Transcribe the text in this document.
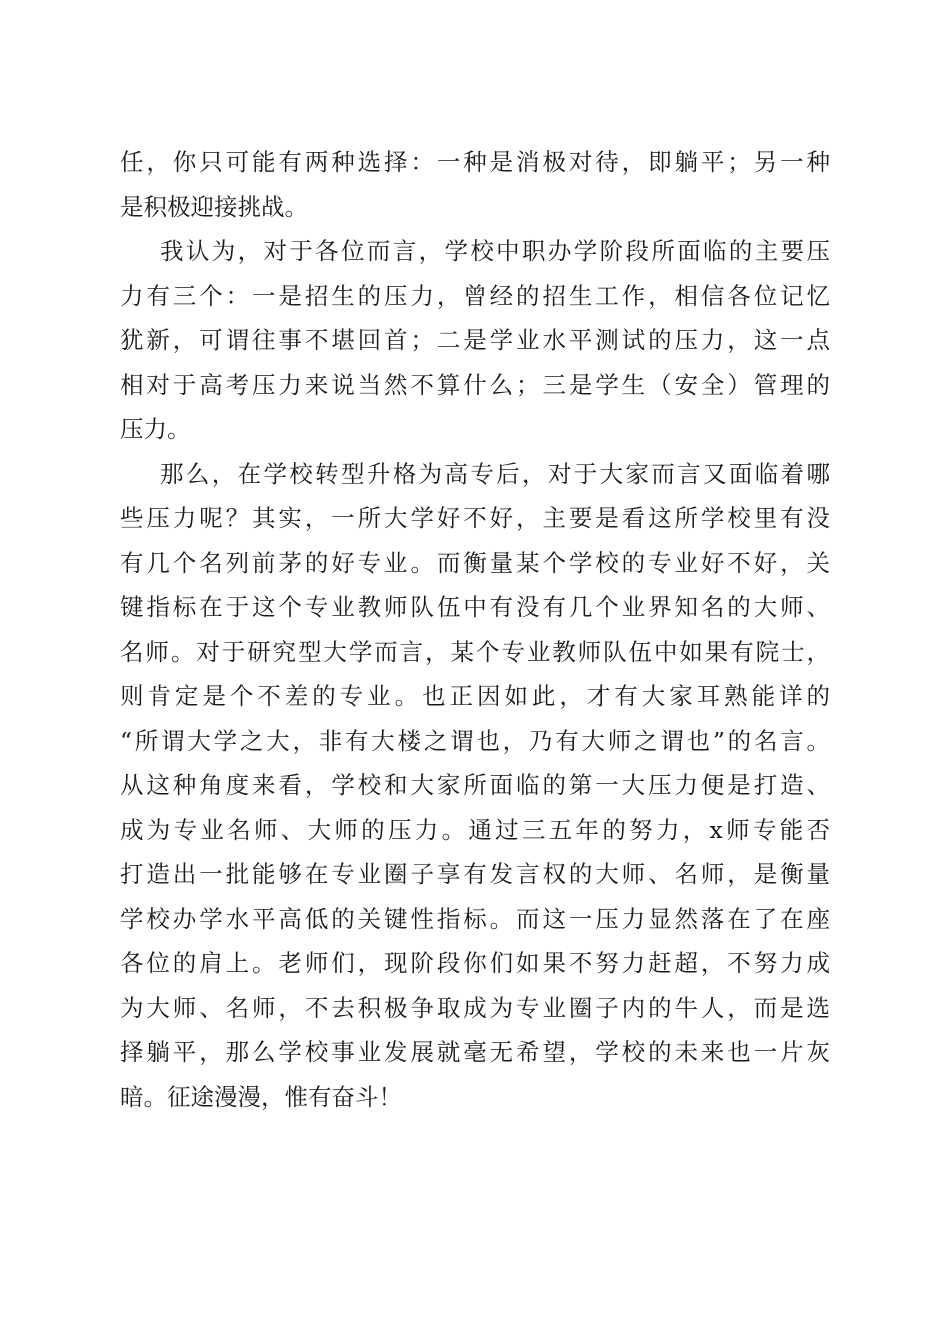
任，你只可能有两种选择：一种是消极对待，即躺平；另一种
是积极迎接挑战。
我认为，对于各位而言，学校中职办学阶段所面临的主要压
力有三个：一是招生的压力，曾经的招生工作，相信各位记忆
犹新，可谓往事不堪回首；二是学业水平测试的压力，这一点
相对于高考压力来说当然不算什么；三是学生（安全）管理的
压力。
那么，在学校转型升格为高专后，对于大家而言又面临着哪
些压力呢？其实，一所大学好不好，主要是看这所学校里有没
有几个名列前茅的好专业。而衡量某个学校的专业好不好，关
键指标在于这个专业教师队伍中有没有几个业界知名的大师、
名师。对于研究型大学而言，某个专业教师队伍中如果有院士，
则肯定是个不差的专业。也正因如此，才有大家耳熟能详的
“所谓大学之大，非有大楼之谓也，乃有大师之谓也”的名言。
从这种角度来看，学校和大家所面临的第一大压力便是打造、
成为专业名师、大师的压力。通过三五年的努力，x师专能否
打造出一批能够在专业圈子享有发言权的大师、名师，是衡量
学校办学水平高低的关键性指标。而这一压力显然落在了在座
各位的肩上。老师们，现阶段你们如果不努力赶超，不努力成
为大师、名师，不去积极争取成为专业圈子内的牛人，而是选
择躺平，那么学校事业发展就毫无希望，学校的未来也一片灰
暗。征途漫漫，惟有奋斗！
